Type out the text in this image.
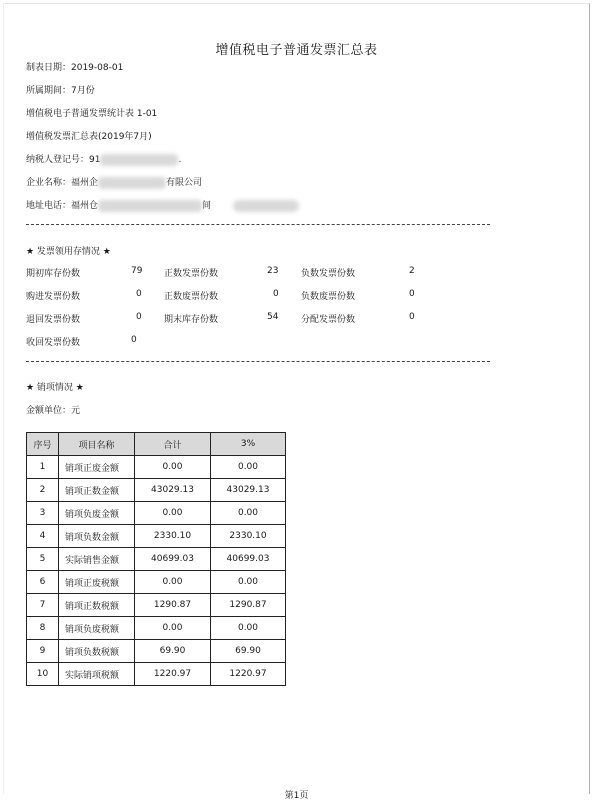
增值税电子普通发票汇总表
制表日期：2019-08-01
所属期间：7月份
增值税电子普通发票统计表 1-01
增值税发票汇总表(2019年7月)
纳税人登记号：91	.
企业名称：福州企	有限公司
地址电话：福州仓	间
★ 发票领用存情况 ★
期初库存份数	79 正数发票份数	23	负数发票份数	2
购进发票份数	0 正数废票份数	0 负数废票份数	0
退回发票份数	0 期末库存份数	54	分配发票份数	0
收回发票份数	0
★ 销项情况 ★
金额单位：元
序号	项目名称	合计	3%
1	销项正废金额	0.00	0.00
2	销项正数金额	43029.13	43029.13
3	销项负废金额	0.00	0.00
4	销项负数金额	2330.10	2330.10
5	实际销售金额	40699.03	40699.03
6	销项正废税额	0.00	0.00
7	销项正数税额	1290.87	1290.87
8	销项负废税额	0.00	0.00
9	销项负数税额	69.90	69.90
10	实际销项税额	1220.97	1220.97
第1页
